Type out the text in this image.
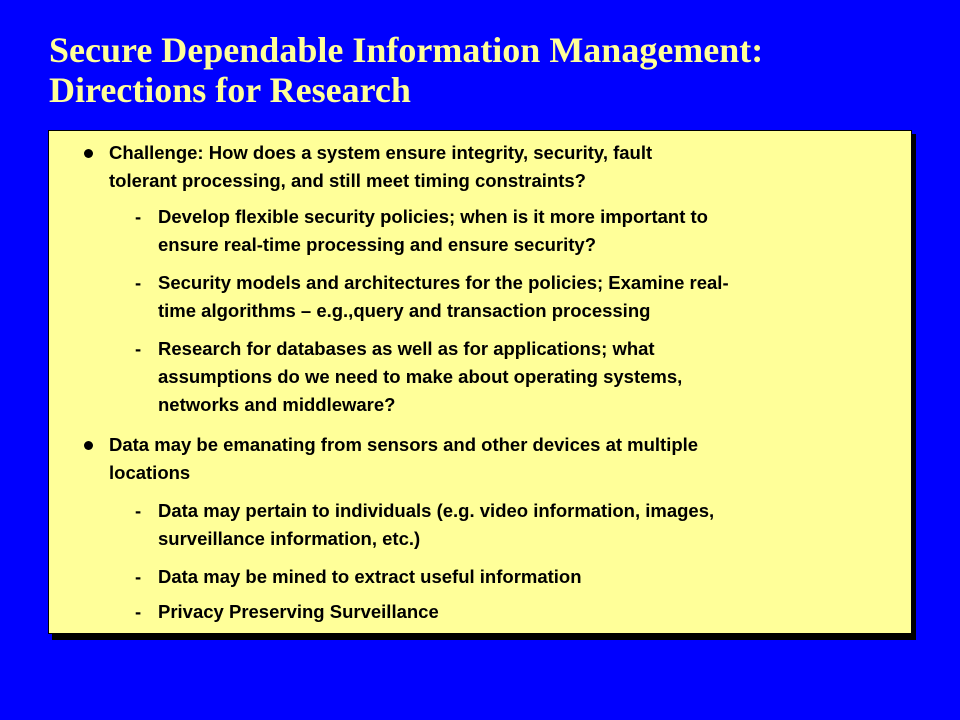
Secure Dependable Information Management:
Directions for Research
Challenge: How does a system ensure integrity, security, fault
tolerant processing, and still meet timing constraints?
- Develop flexible security policies; when is it more important to
ensure real-time processing and ensure security?
- Security models and architectures for the policies; Examine real-
time algorithms – e.g.,query and transaction processing
- Research for databases as well as for applications; what
assumptions do we need to make about operating systems,
networks and middleware?
Data may be emanating from sensors and other devices at multiple
locations
- Data may pertain to individuals (e.g. video information, images,
surveillance information, etc.)
- Data may be mined to extract useful information
- Privacy Preserving Surveillance
